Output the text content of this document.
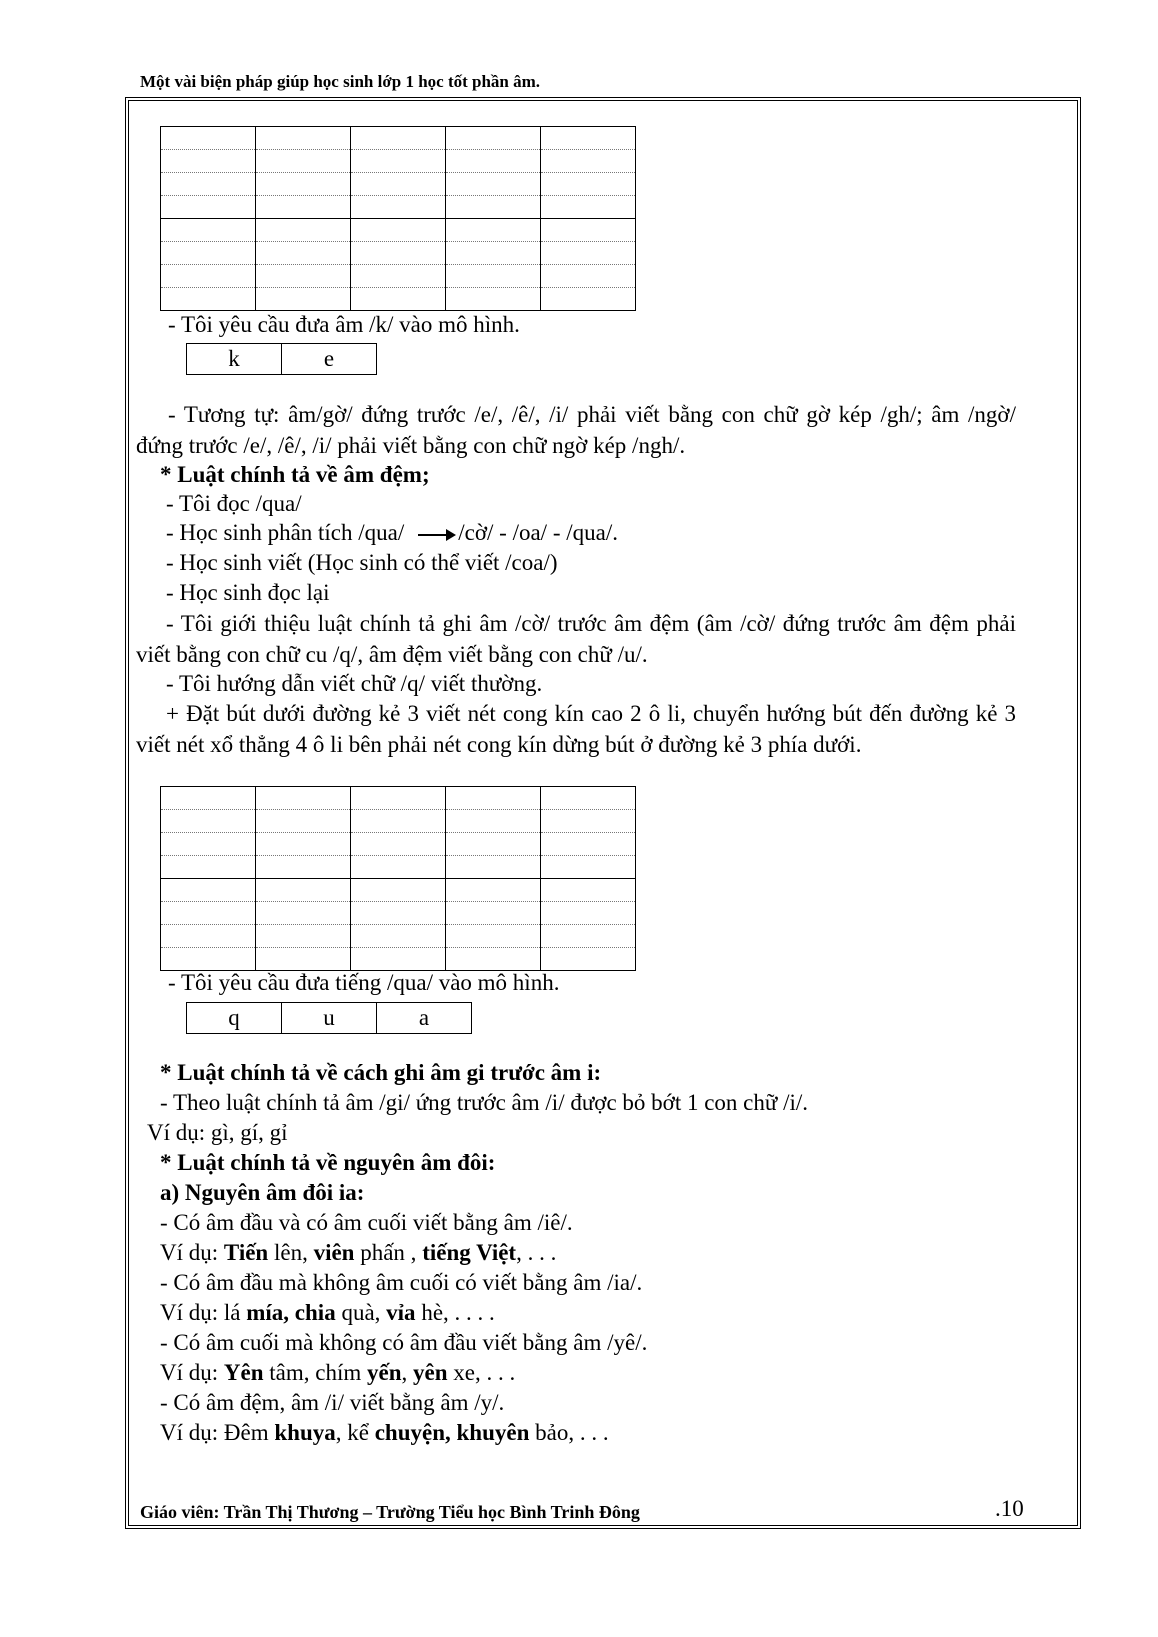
Một vài biện pháp giúp học sinh lớp 1 học tốt phần âm.

- Tôi yêu cầu đưa âm /k/ vào mô hình.
k	e
- Tương tự: âm/gờ/ đứng trước /e/, /ê/, /i/ phải viết bằng con chữ gờ kép /gh/; âm /ngờ/ đứng trước /e/, /ê/, /i/ phải viết bằng con chữ ngờ kép /ngh/.
* Luật chính tả về âm đệm;
- Tôi đọc /qua/
- Học sinh phân tích /qua/ /cờ/ - /oa/ - /qua/.
- Học sinh viết (Học sinh có thể viết /coa/)
- Học sinh đọc lại
- Tôi giới thiệu luật chính tả ghi âm /cờ/ trước âm đệm (âm /cờ/ đứng trước âm đệm phải viết bằng con chữ cu /q/, âm đệm viết bằng con chữ /u/.
- Tôi hướng dẫn viết chữ /q/ viết thường.
+ Đặt bút dưới đường kẻ 3 viết nét cong kín cao 2 ô li, chuyển hướng bút đến đường kẻ 3 viết nét xổ thẳng 4 ô li bên phải nét cong kín dừng bút ở đường kẻ 3 phía dưới.

- Tôi yêu cầu đưa tiếng /qua/ vào mô hình.
q	u	a
* Luật chính tả về cách ghi âm gi trước âm i:
- Theo luật chính tả âm /gi/ ứng trước âm /i/ được bỏ bớt 1 con chữ /i/.
Ví dụ: gì, gí, gỉ
* Luật chính tả về nguyên âm đôi:
a) Nguyên âm đôi ia:
- Có âm đầu và có âm cuối viết bằng âm /iê/.
Ví dụ: Tiến lên, viên phấn , tiếng Việt, . . .
- Có âm đầu mà không âm cuối có viết bằng âm /ia/.
Ví dụ: lá mía, chia quà, vỉa hè, . . . .
- Có âm cuối mà không có âm đầu viết bằng âm /yê/.
Ví dụ: Yên tâm, chím yến, yên xe, . . .
- Có âm đệm, âm /i/ viết bằng âm /y/.
Ví dụ: Đêm khuya, kể chuyện, khuyên bảo, . . .
Giáo viên: Trần Thị Thương – Trường Tiểu học Bình Trinh Đông	.10
